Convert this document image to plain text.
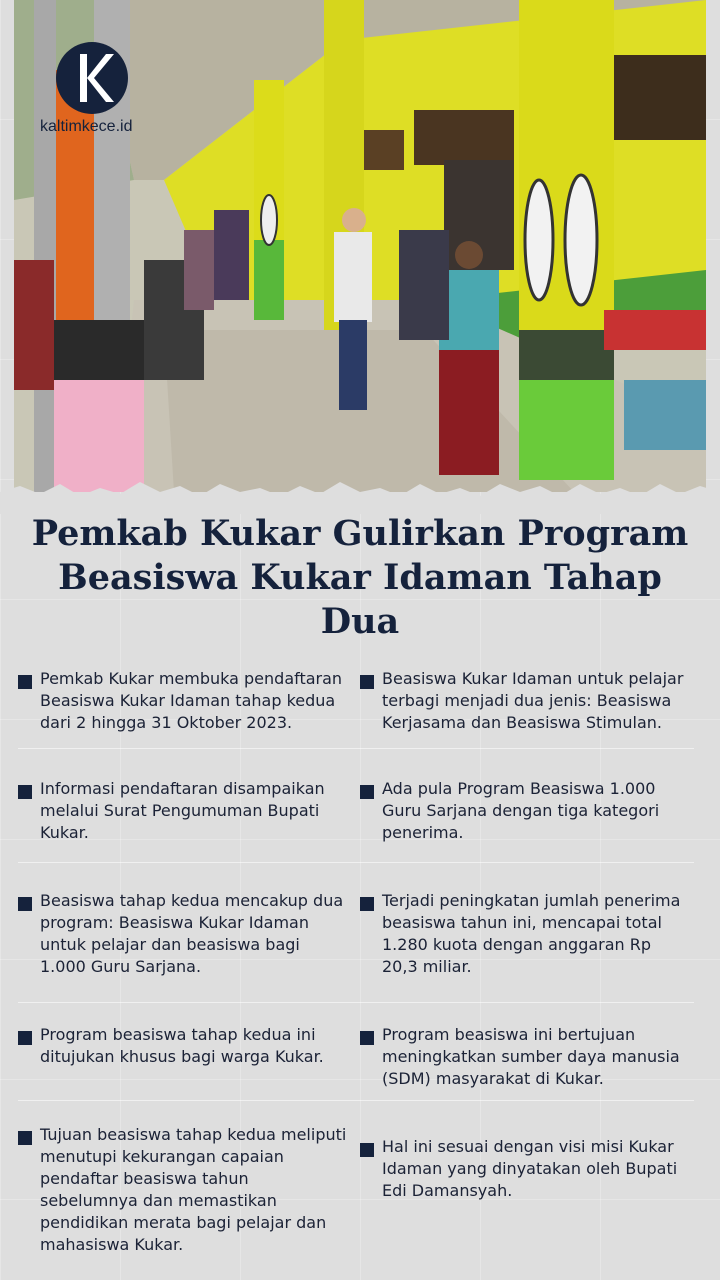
kaltimkece.id
Pemkab Kukar Gulirkan Program Beasiswa Kukar Idaman Tahap Dua
Pemkab Kukar membuka pendaftaran Beasiswa Kukar Idaman tahap kedua dari 2 hingga 31 Oktober 2023.
Informasi pendaftaran disampaikan melalui Surat Pengumuman Bupati Kukar.
Beasiswa tahap kedua mencakup dua program: Beasiswa Kukar Idaman untuk pelajar dan beasiswa bagi 1.000 Guru Sarjana.
Program beasiswa tahap kedua ini ditujukan khusus bagi warga Kukar.
Tujuan beasiswa tahap kedua meliputi menutupi kekurangan capaian pendaftar beasiswa tahun sebelumnya dan memastikan pendidikan merata bagi pelajar dan mahasiswa Kukar.
Beasiswa Kukar Idaman untuk pelajar terbagi menjadi dua jenis: Beasiswa Kerjasama dan Beasiswa Stimulan.
Ada pula Program Beasiswa 1.000 Guru Sarjana dengan tiga kategori penerima.
Terjadi peningkatan jumlah penerima beasiswa tahun ini, mencapai total 1.280 kuota dengan anggaran Rp 20,3 miliar.
Program beasiswa ini bertujuan meningkatkan sumber daya manusia (SDM) masyarakat di Kukar.
Hal ini sesuai dengan visi misi Kukar Idaman yang dinyatakan oleh Bupati Edi Damansyah.
